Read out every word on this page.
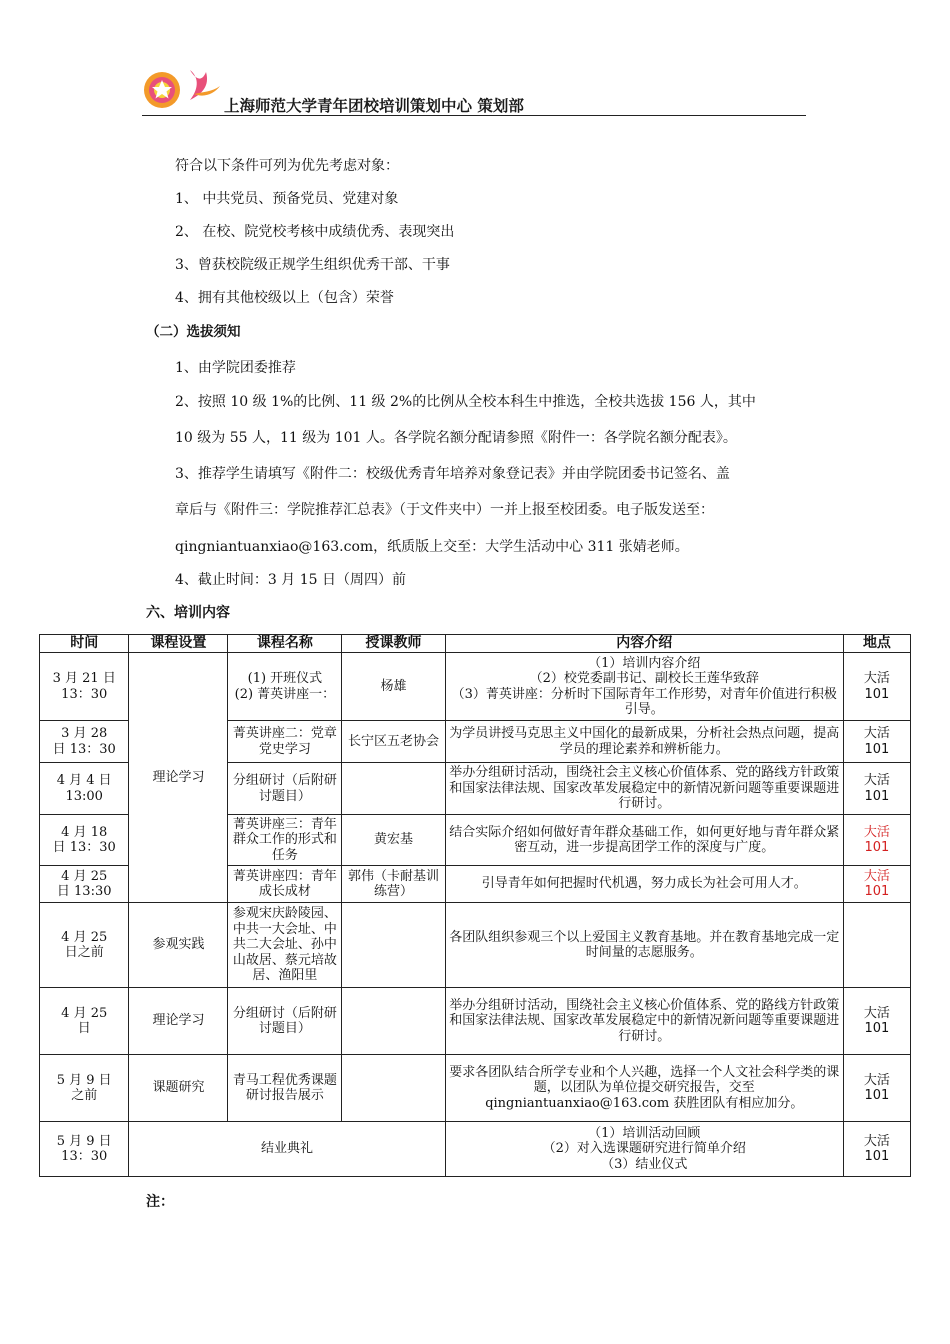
上海师范大学青年团校培训策划中心 策划部
符合以下条件可列为优先考虑对象：
1、 中共党员、预备党员、党建对象
2、 在校、院党校考核中成绩优秀、表现突出
3、曾获校院级正规学生组织优秀干部、干事
4、拥有其他校级以上（包含）荣誉
（二）选拔须知
1、由学院团委推荐
2、按照 10 级 1%的比例、11 级 2%的比例从全校本科生中推选，全校共选拔 156 人，其中
10 级为 55 人，11 级为 101 人。各学院名额分配请参照《附件一：各学院名额分配表》。
3、推荐学生请填写《附件二：校级优秀青年培养对象登记表》并由学院团委书记签名、盖
章后与《附件三：学院推荐汇总表》（于文件夹中）一并上报至校团委。电子版发送至：
qingniantuanxiao@163.com，纸质版上交至：大学生活动中心 311 张婧老师。
4、截止时间：3 月 15 日（周四）前
六、培训内容
时间	课程设置	课程名称	授课教师	内容介绍	地点
3 月 21 日
13：30	理论学习	(1) 开班仪式
(2) 菁英讲座一：	杨雄	（1）培训内容介绍
（2）校党委副书记、副校长王莲华致辞
（3）菁英讲座：分析时下国际青年工作形势，对青年价值进行积极引导。	大活
101
3 月 28
日 13：30		菁英讲座二：党章党史学习	长宁区五老协会	为学员讲授马克思主义中国化的最新成果，分析社会热点问题，提高学员的理论素养和辨析能力。	大活
101
4 月 4 日
13:00		分组研讨（后附研讨题目）		举办分组研讨活动，围绕社会主义核心价值体系、党的路线方针政策和国家法律法规、国家改革发展稳定中的新情况新问题等重要课题进行研讨。	大活
101
4 月 18
日 13：30		菁英讲座三：青年群众工作的形式和任务	黄宏基	结合实际介绍如何做好青年群众基础工作，如何更好地与青年群众紧密互动，进一步提高团学工作的深度与广度。	大活
101
4 月 25
日 13:30		菁英讲座四：青年成长成材	郭伟（卡耐基训练营）	引导青年如何把握时代机遇，努力成长为社会可用人才。	大活
101
4 月 25
日之前	参观实践	参观宋庆龄陵园、中共一大会址、中共二大会址、孙中山故居、蔡元培故居、渔阳里		各团队组织参观三个以上爱国主义教育基地。并在教育基地完成一定时间量的志愿服务。	
4 月 25
日	理论学习	分组研讨（后附研讨题目）		举办分组研讨活动，围绕社会主义核心价值体系、党的路线方针政策和国家法律法规、国家改革发展稳定中的新情况新问题等重要课题进行研讨。	大活
101
5 月 9 日
之前	课题研究	青马工程优秀课题研讨报告展示		要求各团队结合所学专业和个人兴趣，选择一个人文社会科学类的课题，以团队为单位提交研究报告，交至 qingniantuanxiao@163.com 获胜团队有相应加分。	大活
101
5 月 9 日
13：30	结业典礼			（1）培训活动回顾
（2）对入选课题研究进行简单介绍
（3）结业仪式	大活
101
注：
